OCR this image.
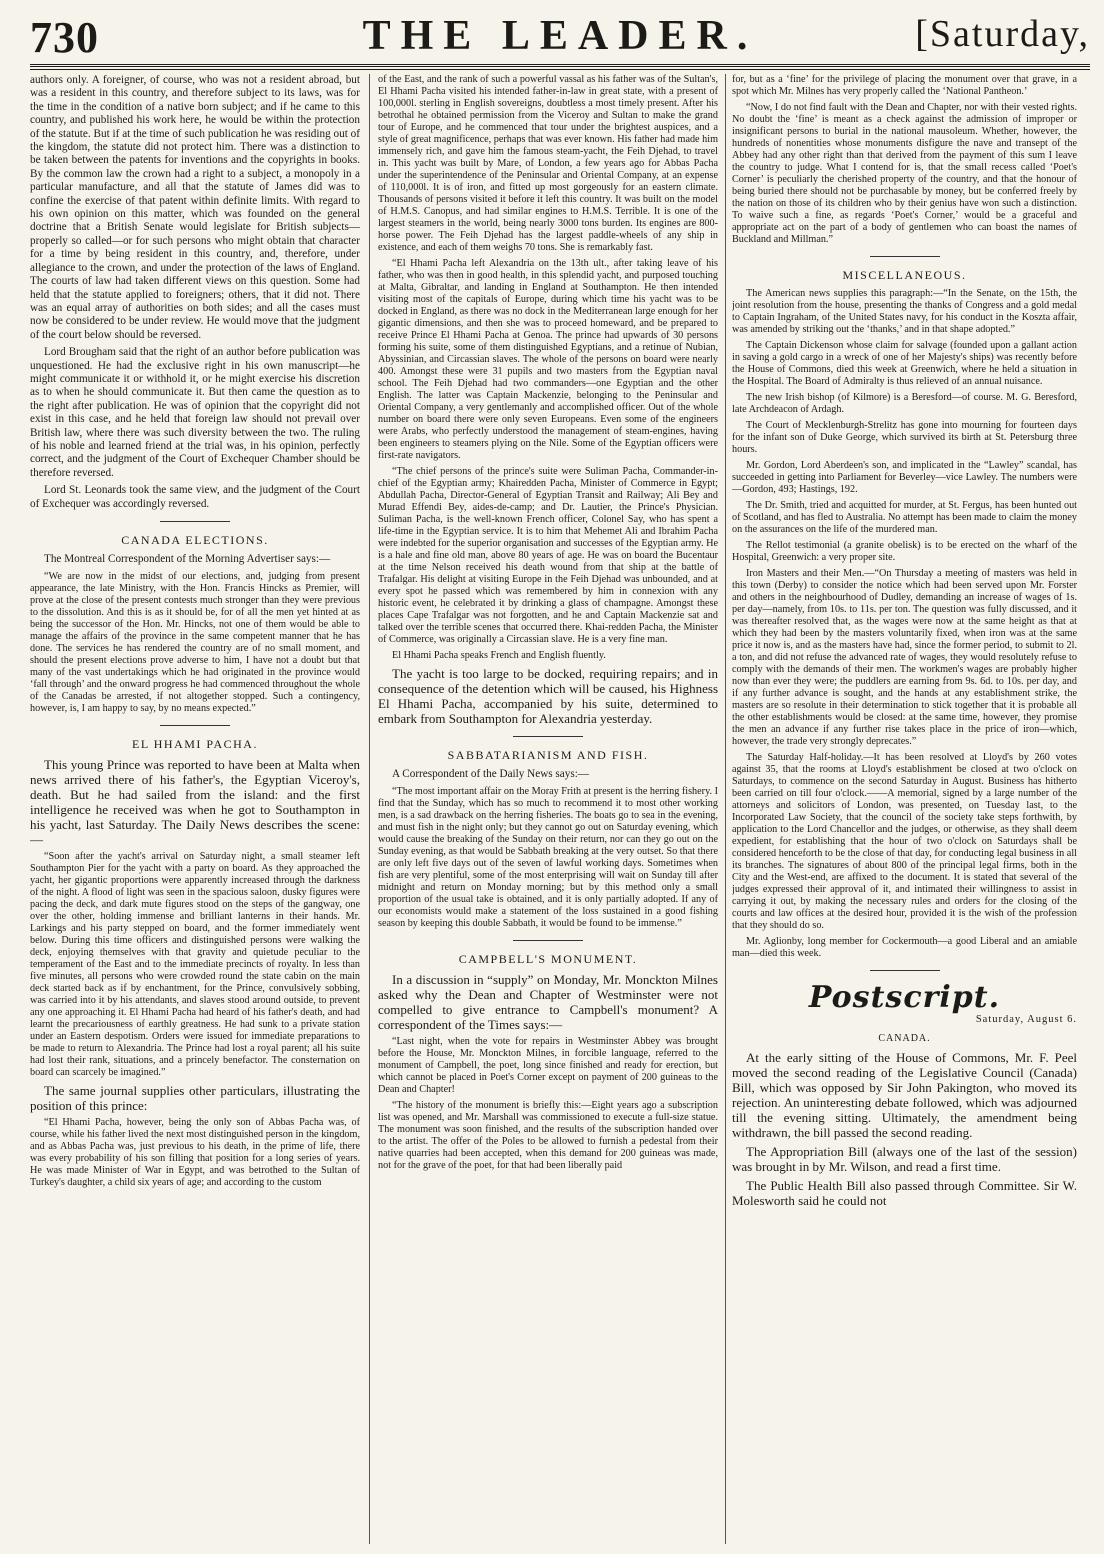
730	THE LEADER.	[Saturday,

authors only. A foreigner, of course, who was not a resident abroad, but was a resident in this country, and therefore subject to its laws, was for the time in the condition of a native born subject; and if he came to this country, and published his work here, he would be within the protection of the statute. But if at the time of such publication he was residing out of the kingdom, the statute did not protect him. There was a distinction to be taken between the patents for inventions and the copyrights in books. By the common law the crown had a right to a subject, a monopoly in a particular manufacture, and all that the statute of James did was to confine the exercise of that patent within definite limits. With regard to his own opinion on this matter, which was founded on the general doctrine that a British Senate would legislate for British subjects—properly so called—or for such persons who might obtain that character for a time by being resident in this country, and, therefore, under allegiance to the crown, and under the protection of the laws of England. The courts of law had taken different views on this question. Some had held that the statute applied to foreigners; others, that it did not. There was an equal array of authorities on both sides; and all the cases must now be considered to be under review. He would move that the judgment of the court below should be reversed.

Lord Brougham said that the right of an author before publication was unquestioned. He had the exclusive right in his own manuscript—he might communicate it or withhold it, or he might exercise his discretion as to when he should communicate it. But then came the question as to the right after publication. He was of opinion that the copyright did not exist in this case, and he held that foreign law should not prevail over British law, where there was such diversity between the two. The ruling of his noble and learned friend at the trial was, in his opinion, perfectly correct, and the judgment of the Court of Exchequer Chamber should be therefore reversed.

Lord St. Leonards took the same view, and the judgment of the Court of Exchequer was accordingly reversed.

CANADA ELECTIONS.

The Montreal Correspondent of the Morning Advertiser says:—

“We are now in the midst of our elections, and, judging from present appearance, the late Ministry, with the Hon. Francis Hincks as Premier, will prove at the close of the present contests much stronger than they were previous to the dissolution. And this is as it should be, for of all the men yet hinted at as being the successor of the Hon. Mr. Hincks, not one of them would be able to manage the affairs of the province in the same competent manner that he has done. The services he has rendered the country are of no small moment, and should the present elections prove adverse to him, I have not a doubt but that many of the vast undertakings which he had originated in the province would ‘fall through’ and the onward progress he had commenced throughout the whole of the Canadas be arrested, if not altogether stopped. Such a contingency, however, is, I am happy to say, by no means expected.”

EL HHAMI PACHA.

This young Prince was reported to have been at Malta when news arrived there of his father's, the Egyptian Viceroy's, death. But he had sailed from the island: and the first intelligence he received was when he got to Southampton in his yacht, last Saturday. The Daily News describes the scene:—

“Soon after the yacht's arrival on Saturday night, a small steamer left Southampton Pier for the yacht with a party on board. As they approached the yacht, her gigantic proportions were apparently increased through the darkness of the night. A flood of light was seen in the spacious saloon, dusky figures were pacing the deck, and dark mute figures stood on the steps of the gangway, one over the other, holding immense and brilliant lanterns in their hands. Mr. Larkings and his party stepped on board, and the former immediately went below. During this time officers and distinguished persons were walking the deck, enjoying themselves with that gravity and quietude peculiar to the temperament of the East and to the immediate precincts of royalty. In less than five minutes, all persons who were crowded round the state cabin on the main deck started back as if by enchantment, for the Prince, convulsively sobbing, was carried into it by his attendants, and slaves stood around outside, to prevent any one approaching it. El Hhami Pacha had heard of his father's death, and had learnt the precariousness of earthly greatness. He had sunk to a private station under an Eastern despotism. Orders were issued for immediate preparations to be made to return to Alexandria. The Prince had lost a royal parent; all his suite had lost their rank, situations, and a princely benefactor. The consternation on board can scarcely be imagined.”

The same journal supplies other particulars, illustrating the position of this prince:

“El Hhami Pacha, however, being the only son of Abbas Pacha was, of course, while his father lived the next most distinguished person in the kingdom, and as Abbas Pacha was, just previous to his death, in the prime of life, there was every probability of his son filling that position for a long series of years. He was made Minister of War in Egypt, and was betrothed to the Sultan of Turkey's daughter, a child six years of age; and according to the custom

of the East, and the rank of such a powerful vassal as his father was of the Sultan's, El Hhami Pacha visited his intended father-in-law in great state, with a present of 100,000l. sterling in English sovereigns, doubtless a most timely present. After his betrothal he obtained permission from the Viceroy and Sultan to make the grand tour of Europe, and he commenced that tour under the brightest auspices, and a style of great magnificence, perhaps that was ever known. His father had made him immensely rich, and gave him the famous steam-yacht, the Feih Djehad, to travel in. This yacht was built by Mare, of London, a few years ago for Abbas Pacha under the superintendence of the Peninsular and Oriental Company, at an expense of 110,000l. It is of iron, and fitted up most gorgeously for an eastern climate. Thousands of persons visited it before it left this country. It was built on the model of H.M.S. Canopus, and had similar engines to H.M.S. Terrible. It is one of the largest steamers in the world, being nearly 3000 tons burden. Its engines are 800-horse power. The Feih Djehad has the largest paddle-wheels of any ship in existence, and each of them weighs 70 tons. She is remarkably fast.

“El Hhami Pacha left Alexandria on the 13th ult., after taking leave of his father, who was then in good health, in this splendid yacht, and purposed touching at Malta, Gibraltar, and landing in England at Southampton. He then intended visiting most of the capitals of Europe, during which time his yacht was to be docked in England, as there was no dock in the Mediterranean large enough for her gigantic dimensions, and then she was to proceed homeward, and be prepared to receive Prince El Hhami Pacha at Genoa. The prince had upwards of 30 persons forming his suite, some of them distinguished Egyptians, and a retinue of Nubian, Abyssinian, and Circassian slaves. The whole of the persons on board were nearly 400. Amongst these were 31 pupils and two masters from the Egyptian naval school. The Feih Djehad had two commanders—one Egyptian and the other English. The latter was Captain Mackenzie, belonging to the Peninsular and Oriental Company, a very gentlemanly and accomplished officer. Out of the whole number on board there were only seven Europeans. Even some of the engineers were Arabs, who perfectly understood the management of steam-engines, having been engineers to steamers plying on the Nile. Some of the Egyptian officers were first-rate navigators.

“The chief persons of the prince's suite were Suliman Pacha, Commander-in-chief of the Egyptian army; Khairedden Pacha, Minister of Commerce in Egypt; Abdullah Pacha, Director-General of Egyptian Transit and Railway; Ali Bey and Murad Effendi Bey, aides-de-camp; and Dr. Lautier, the Prince's Physician. Suliman Pacha, is the well-known French officer, Colonel Say, who has spent a life-time in the Egyptian service. It is to him that Mehemet Ali and Ibrahim Pacha were indebted for the superior organisation and successes of the Egyptian army. He is a hale and fine old man, above 80 years of age. He was on board the Bucentaur at the time Nelson received his death wound from that ship at the battle of Trafalgar. His delight at visiting Europe in the Feih Djehad was unbounded, and at every spot he passed which was remembered by him in connexion with any historic event, he celebrated it by drinking a glass of champagne. Amongst these places Cape Trafalgar was not forgotten, and he and Captain Mackenzie sat and talked over the terrible scenes that occurred there. Khai-redden Pacha, the Minister of Commerce, was originally a Circassian slave. He is a very fine man.

El Hhami Pacha speaks French and English fluently.

The yacht is too large to be docked, requiring repairs; and in consequence of the detention which will be caused, his Highness El Hhami Pacha, accompanied by his suite, determined to embark from Southampton for Alexandria yesterday.

SABBATARIANISM AND FISH.

A Correspondent of the Daily News says:—

“The most important affair on the Moray Frith at present is the herring fishery. I find that the Sunday, which has so much to recommend it to most other working men, is a sad drawback on the herring fisheries. The boats go to sea in the evening, and must fish in the night only; but they cannot go out on Saturday evening, which would cause the breaking of the Sunday on their return, nor can they go out on the Sunday evening, as that would be Sabbath breaking at the very outset. So that there are only left five days out of the seven of lawful working days. Sometimes when fish are very plentiful, some of the most enterprising will wait on Sunday till after midnight and return on Monday morning; but by this method only a small proportion of the usual take is obtained, and it is only partially adopted. If any of our economists would make a statement of the loss sustained in a good fishing season by keeping this double Sabbath, it would be found to be immense.”

CAMPBELL'S MONUMENT.

In a discussion in “supply” on Monday, Mr. Monckton Milnes asked why the Dean and Chapter of Westminster were not compelled to give entrance to Campbell's monument? A correspondent of the Times says:—

“Last night, when the vote for repairs in Westminster Abbey was brought before the House, Mr. Monckton Milnes, in forcible language, referred to the monument of Campbell, the poet, long since finished and ready for erection, but which cannot be placed in Poet's Corner except on payment of 200 guineas to the Dean and Chapter!

“The history of the monument is briefly this:—Eight years ago a subscription list was opened, and Mr. Marshall was commissioned to execute a full-size statue. The monument was soon finished, and the results of the subscription handed over to the artist. The offer of the Poles to be allowed to furnish a pedestal from their native quarries had been accepted, when this demand for 200 guineas was made, not for the grave of the poet, for that had been liberally paid

for, but as a ‘fine’ for the privilege of placing the monument over that grave, in a spot which Mr. Milnes has very properly called the ‘National Pantheon.’

“Now, I do not find fault with the Dean and Chapter, nor with their vested rights. No doubt the ‘fine’ is meant as a check against the admission of improper or insignificant persons to burial in the national mausoleum. Whether, however, the hundreds of nonentities whose monuments disfigure the nave and transept of the Abbey had any other right than that derived from the payment of this sum I leave the country to judge. What I contend for is, that the small recess called ‘Poet's Corner’ is peculiarly the cherished property of the country, and that the honour of being buried there should not be purchasable by money, but be conferred freely by the nation on those of its children who by their genius have won such a distinction. To waive such a fine, as regards ‘Poet's Corner,’ would be a graceful and appropriate act on the part of a body of gentlemen who can boast the names of Buckland and Millman.”

MISCELLANEOUS.

The American news supplies this paragraph:—“In the Senate, on the 15th, the joint resolution from the house, presenting the thanks of Congress and a gold medal to Captain Ingraham, of the United States navy, for his conduct in the Koszta affair, was amended by striking out the ‘thanks,’ and in that shape adopted.”

The Captain Dickenson whose claim for salvage (founded upon a gallant action in saving a gold cargo in a wreck of one of her Majesty's ships) was recently before the House of Commons, died this week at Greenwich, where he held a situation in the Hospital. The Board of Admiralty is thus relieved of an annual nuisance.

The new Irish bishop (of Kilmore) is a Beresford—of course. M. G. Beresford, late Archdeacon of Ardagh.

The Court of Mecklenburgh-Strelitz has gone into mourning for fourteen days for the infant son of Duke George, which survived its birth at St. Petersburg three hours.

Mr. Gordon, Lord Aberdeen's son, and implicated in the “Lawley” scandal, has succeeded in getting into Parliament for Beverley—vice Lawley. The numbers were—Gordon, 493; Hastings, 192.

The Dr. Smith, tried and acquitted for murder, at St. Fergus, has been hunted out of Scotland, and has fled to Australia. No attempt has been made to claim the money on the assurances on the life of the murdered man.

The Rellot testimonial (a granite obelisk) is to be erected on the wharf of the Hospital, Greenwich: a very proper site.

Iron Masters and their Men.—“On Thursday a meeting of masters was held in this town (Derby) to consider the notice which had been served upon Mr. Forster and others in the neighbourhood of Dudley, demanding an increase of wages of 1s. per day—namely, from 10s. to 11s. per ton. The question was fully discussed, and it was thereafter resolved that, as the wages were now at the same height as that at which they had been by the masters voluntarily fixed, when iron was at the same price it now is, and as the masters have had, since the former period, to submit to 2l. a ton, and did not refuse the advanced rate of wages, they would resolutely refuse to comply with the demands of their men. The workmen's wages are probably higher now than ever they were; the puddlers are earning from 9s. 6d. to 10s. per day, and if any further advance is sought, and the hands at any establishment strike, the masters are so resolute in their determination to stick together that it is probable all the other establishments would be closed: at the same time, however, they promise the men an advance if any further rise takes place in the price of iron—which, however, the trade very strongly deprecates.”

The Saturday Half-holiday.—It has been resolved at Lloyd's by 260 votes against 35, that the rooms at Lloyd's establishment be closed at two o'clock on Saturdays, to commence on the second Saturday in August. Business has hitherto been carried on till four o'clock.——A memorial, signed by a large number of the attorneys and solicitors of London, was presented, on Tuesday last, to the Incorporated Law Society, that the council of the society take steps forthwith, by application to the Lord Chancellor and the judges, or otherwise, as they shall deem expedient, for establishing that the hour of two o'clock on Saturdays shall be considered henceforth to be the close of that day, for conducting legal business in all its branches. The signatures of about 800 of the principal legal firms, both in the City and the West-end, are affixed to the document. It is stated that several of the judges expressed their approval of it, and intimated their willingness to assist in carrying it out, by making the necessary rules and orders for the closing of the courts and law offices at the desired hour, provided it is the wish of the profession that they should do so.

Mr. Aglionby, long member for Cockermouth—a good Liberal and an amiable man—died this week.

Postscript.
Saturday, August 6.
CANADA.

At the early sitting of the House of Commons, Mr. F. Peel moved the second reading of the Legislative Council (Canada) Bill, which was opposed by Sir John Pakington, who moved its rejection. An uninteresting debate followed, which was adjourned till the evening sitting. Ultimately, the amendment being withdrawn, the bill passed the second reading.

The Appropriation Bill (always one of the last of the session) was brought in by Mr. Wilson, and read a first time.

The Public Health Bill also passed through Committee. Sir W. Molesworth said he could not
